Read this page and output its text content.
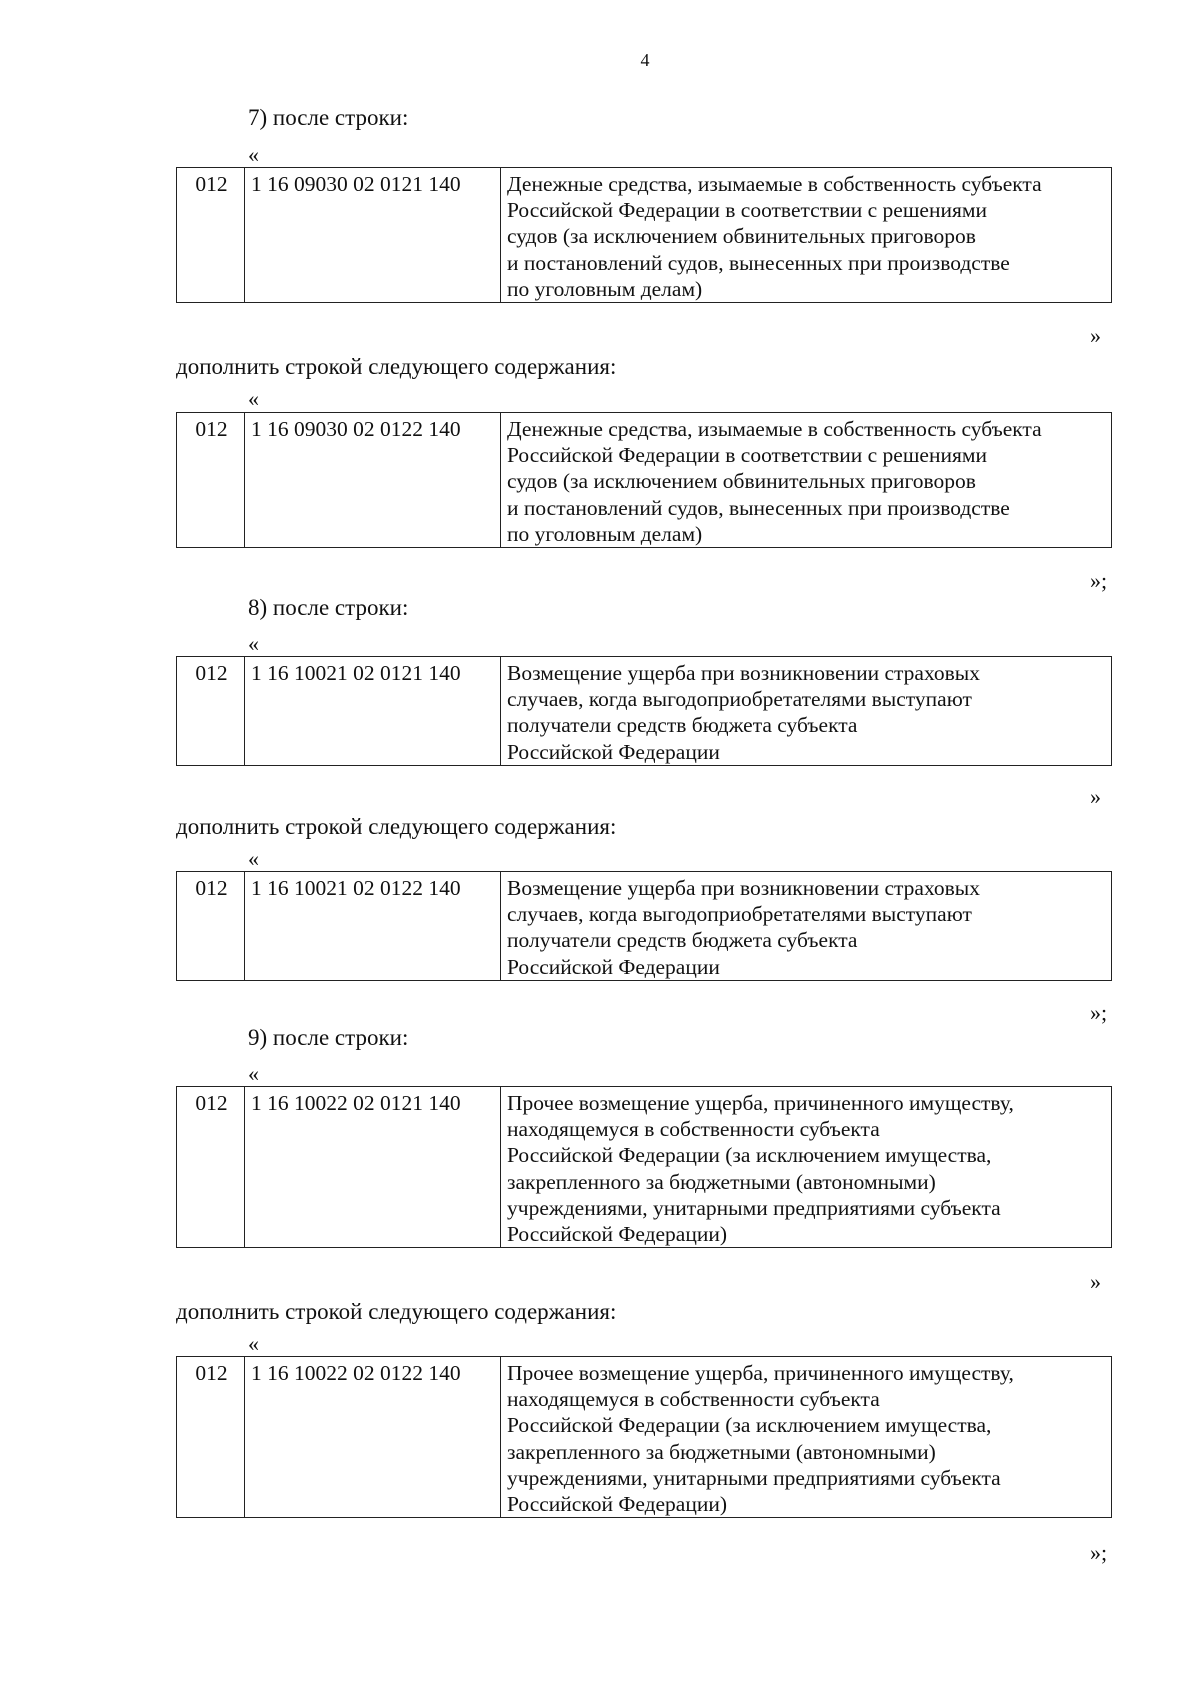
4
7) после строки:
«
012	1 16 09030 02 0121 140	Денежные средства, изымаемые в собственность субъекта
Российской Федерации в соответствии с решениями
судов (за исключением обвинительных приговоров
и постановлений судов, вынесенных при производстве
по уголовным делам)
»
дополнить строкой следующего содержания:
«
012	1 16 09030 02 0122 140	Денежные средства, изымаемые в собственность субъекта
Российской Федерации в соответствии с решениями
судов (за исключением обвинительных приговоров
и постановлений судов, вынесенных при производстве
по уголовным делам)
»;
8) после строки:
«
012	1 16 10021 02 0121 140	Возмещение ущерба при возникновении страховых
случаев, когда выгодоприобретателями выступают
получатели средств бюджета субъекта
Российской Федерации
»
дополнить строкой следующего содержания:
«
012	1 16 10021 02 0122 140	Возмещение ущерба при возникновении страховых
случаев, когда выгодоприобретателями выступают
получатели средств бюджета субъекта
Российской Федерации
»;
9) после строки:
«
012	1 16 10022 02 0121 140	Прочее возмещение ущерба, причиненного имуществу,
находящемуся в собственности субъекта
Российской Федерации (за исключением имущества,
закрепленного за бюджетными (автономными)
учреждениями, унитарными предприятиями субъекта
Российской Федерации)
»
дополнить строкой следующего содержания:
«
012	1 16 10022 02 0122 140	Прочее возмещение ущерба, причиненного имуществу,
находящемуся в собственности субъекта
Российской Федерации (за исключением имущества,
закрепленного за бюджетными (автономными)
учреждениями, унитарными предприятиями субъекта
Российской Федерации)
»;
